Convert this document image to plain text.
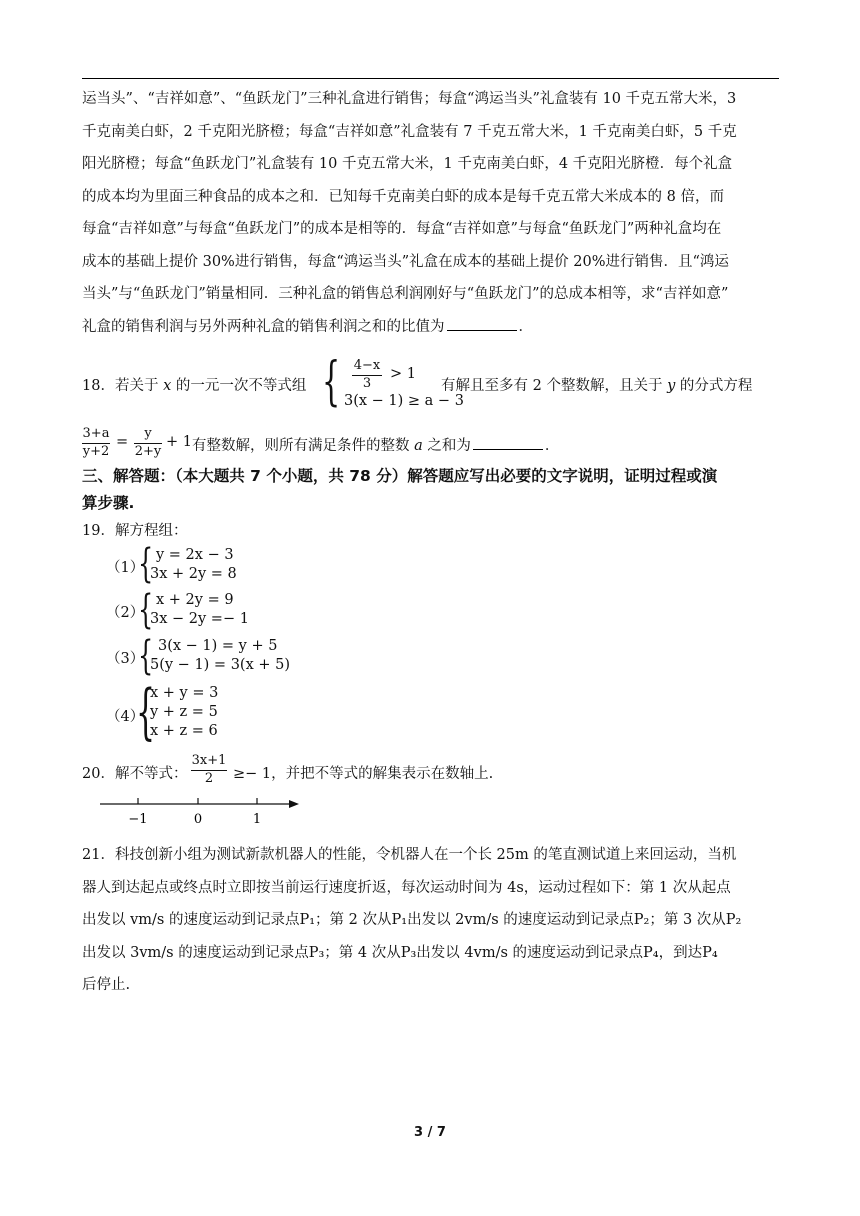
运当头”、“吉祥如意”、“鱼跃龙门”三种礼盒进行销售；每盒“鸿运当头”礼盒装有 10 千克五常大米，3
千克南美白虾，2 千克阳光脐橙；每盒“吉祥如意”礼盒装有 7 千克五常大米，1 千克南美白虾，5 千克
阳光脐橙；每盒“鱼跃龙门”礼盒装有 10 千克五常大米，1 千克南美白虾，4 千克阳光脐橙．每个礼盒
的成本均为里面三种食品的成本之和．已知每千克南美白虾的成本是每千克五常大米成本的 8 倍，而
每盒“吉祥如意”与每盒“鱼跃龙门”的成本是相等的．每盒“吉祥如意”与每盒“鱼跃龙门”两种礼盒均在
成本的基础上提价 30%进行销售，每盒“鸿运当头”礼盒在成本的基础上提价 20%进行销售．且“鸿运
当头”与“鱼跃龙门”销量相同．三种礼盒的销售总利润刚好与“鱼跃龙门”的总成本相等，求“吉祥如意”
礼盒的销售利润与另外两种礼盒的销售利润之和的比值为	．
18．若关于 x 的一元一次不等式组 { 4−x
3
> 1
3(x − 1) ≥ a − 3
有解且至多有 2 个整数解，且关于 y 的分式方程
3+a
y+2
=
y
2+y
+ 1 有整数解，则所有满足条件的整数 a 之和为	．
三、解答题：（本大题共 7 个小题，共 78 分）解答题应写出必要的文字说明，证明过程或演
算步骤.
19．解方程组：
（1）
{ y = 2x − 3
3x + 2y = 8
（2）
{ x + 2y = 9
3x − 2y =− 1
（3）
{ 3(x − 1) = y + 5
5(y − 1) = 3(x + 5)
（4）
{
x + y = 3
y + z = 5
x + z = 6
20．解不等式：
3x+1
2	≥− 1，并把不等式的解集表示在数轴上.
−1	0	1
21．科技创新小组为测试新款机器人的性能，令机器人在一个长 25m 的笔直测试道上来回运动，当机
器人到达起点或终点时立即按当前运行速度折返，每次运动时间为 4s，运动过程如下：第 1 次从起点
出发以 vm/s 的速度运动到记录点P₁；第 2 次从P₁出发以 2vm/s 的速度运动到记录点P₂；第 3 次从P₂
出发以 3vm/s 的速度运动到记录点P₃；第 4 次从P₃出发以 4vm/s 的速度运动到记录点P₄，到达P₄
后停止.
3 / 7
